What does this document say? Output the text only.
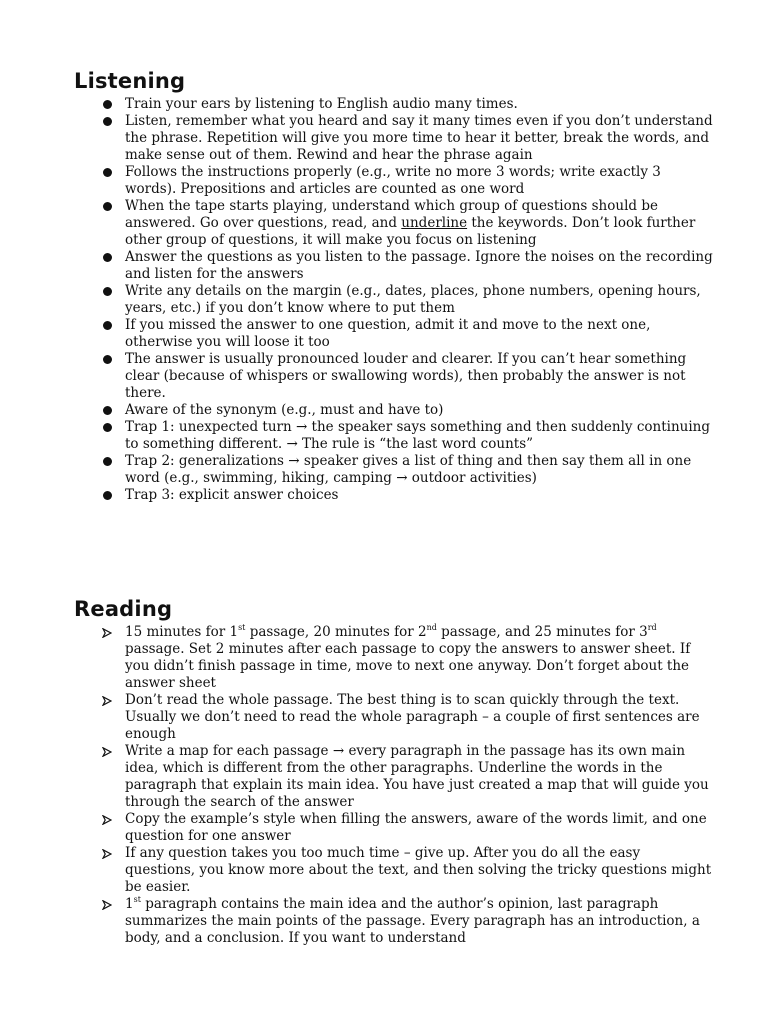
Listening
Train your ears by listening to English audio many times.
Listen, remember what you heard and say it many times even if you don’t understand the phrase. Repetition will give you more time to hear it better, break the words, and make sense out of them. Rewind and hear the phrase again
Follows the instructions properly (e.g., write no more 3 words; write exactly 3 words). Prepositions and articles are counted as one word
When the tape starts playing, understand which group of questions should be answered. Go over questions, read, and underline the keywords. Don’t look further other group of questions, it will make you focus on listening
Answer the questions as you listen to the passage. Ignore the noises on the recording and listen for the answers
Write any details on the margin (e.g., dates, places, phone numbers, opening hours, years, etc.) if you don’t know where to put them
If you missed the answer to one question, admit it and move to the next one, otherwise you will loose it too
The answer is usually pronounced louder and clearer. If you can’t hear something clear (because of whispers or swallowing words), then probably the answer is not there.
Aware of the synonym (e.g., must and have to)
Trap 1: unexpected turn → the speaker says something and then suddenly continuing to something different. → The rule is “the last word counts”
Trap 2: generalizations → speaker gives a list of thing and then say them all in one word (e.g., swimming, hiking, camping → outdoor activities)
Trap 3: explicit answer choices
Reading
15 minutes for 1st passage, 20 minutes for 2nd passage, and 25 minutes for 3rd passage. Set 2 minutes after each passage to copy the answers to answer sheet. If you didn’t finish passage in time, move to next one anyway. Don’t forget about the answer sheet
Don’t read the whole passage. The best thing is to scan quickly through the text. Usually we don’t need to read the whole paragraph – a couple of first sentences are enough
Write a map for each passage → every paragraph in the passage has its own main idea, which is different from the other paragraphs. Underline the words in the paragraph that explain its main idea. You have just created a map that will guide you through the search of the answer
Copy the example’s style when filling the answers, aware of the words limit, and one question for one answer
If any question takes you too much time – give up. After you do all the easy questions, you know more about the text, and then solving the tricky questions might be easier.
1st paragraph contains the main idea and the author’s opinion, last paragraph summarizes the main points of the passage. Every paragraph has an introduction, a body, and a conclusion. If you want to understand
